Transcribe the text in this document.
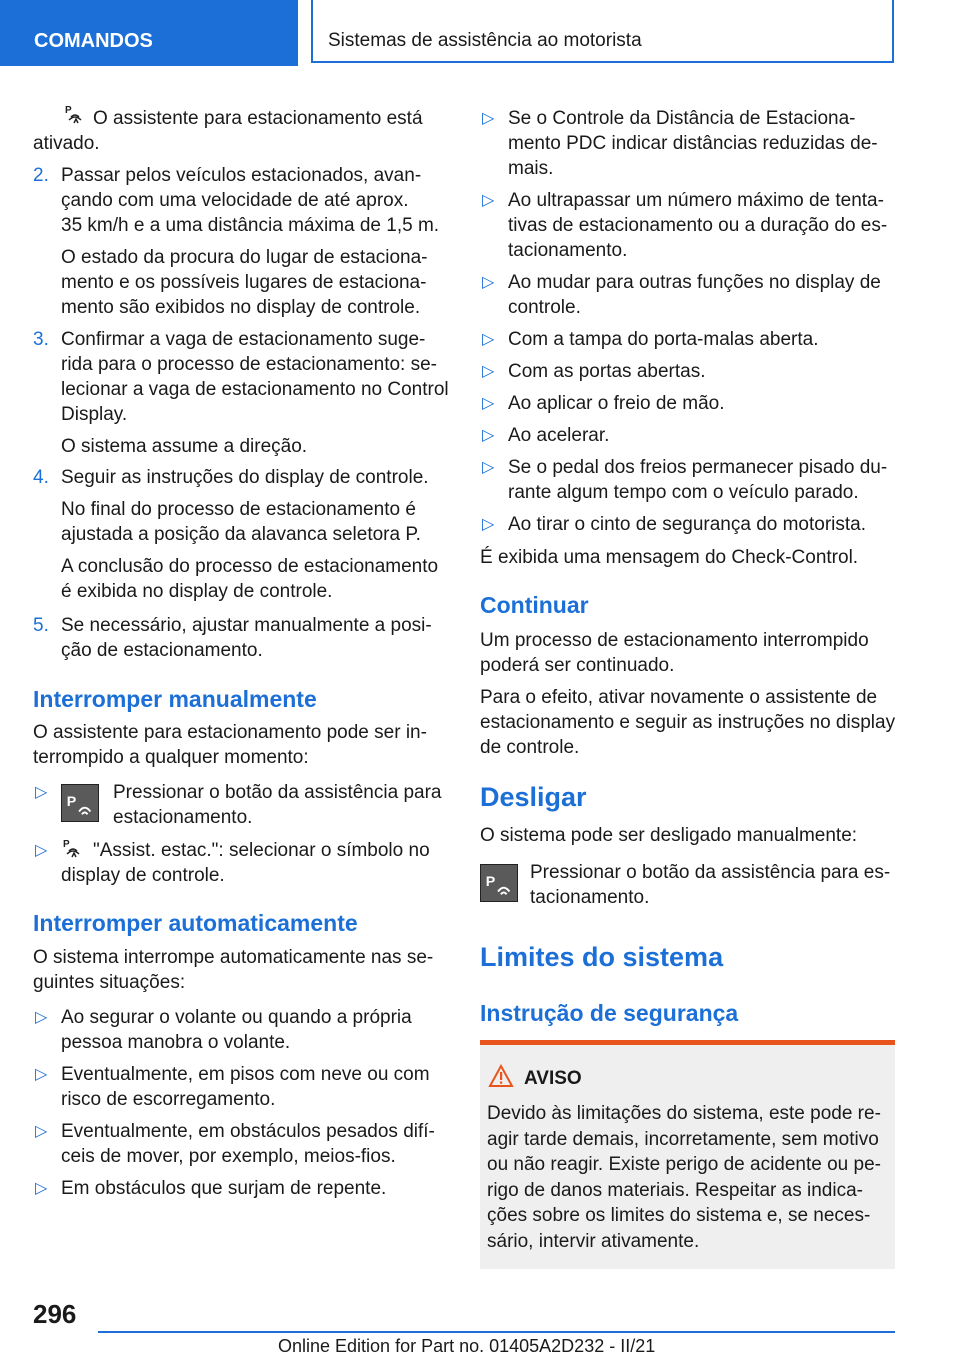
COMANDOS	Sistemas de assistência ao motorista
P	O assistente para estacionamento está ativado.
2. Passar pelos veículos estacionados, avan-
çando com uma velocidade de até aprox.
35 km/h e a uma distância máxima de 1,5 m.
O estado da procura do lugar de estaciona-
mento e os possíveis lugares de estaciona-
mento são exibidos no display de controle.
3. Confirmar a vaga de estacionamento suge-
rida para o processo de estacionamento: se-
lecionar a vaga de estacionamento no Control
Display.
O sistema assume a direção.
4. Seguir as instruções do display de controle.
No final do processo de estacionamento é
ajustada a posição da alavanca seletora P.
A conclusão do processo de estacionamento
é exibida no display de controle.
5. Se necessário, ajustar manualmente a posi-
ção de estacionamento.
Interromper manualmente
O assistente para estacionamento pode ser in-
terrompido a qualquer momento:
▷
P Pressionar o botão da assistência para
estacionamento.
▷ P	"Assist. estac.": selecionar o símbolo no
display de controle.
Interromper automaticamente
O sistema interrompe automaticamente nas se-
guintes situações:
▷ Ao segurar o volante ou quando a própria
pessoa manobra o volante.
▷ Eventualmente, em pisos com neve ou com
risco de escorregamento.
▷ Eventualmente, em obstáculos pesados difí-
ceis de mover, por exemplo, meios-fios.
▷ Em obstáculos que surjam de repente.
▷ Se o Controle da Distância de Estaciona-
mento PDC indicar distâncias reduzidas de-
mais.
▷ Ao ultrapassar um número máximo de tenta-
tivas de estacionamento ou a duração do es-
tacionamento.
▷ Ao mudar para outras funções no display de
controle.
▷ Com a tampa do porta-malas aberta.
▷ Com as portas abertas.
▷ Ao aplicar o freio de mão.
▷ Ao acelerar.
▷ Se o pedal dos freios permanecer pisado du-
rante algum tempo com o veículo parado.
▷ Ao tirar o cinto de segurança do motorista.
É exibida uma mensagem do Check-Control.
Continuar
Um processo de estacionamento interrompido
poderá ser continuado.
Para o efeito, ativar novamente o assistente de
estacionamento e seguir as instruções no display
de controle.
Desligar
O sistema pode ser desligado manualmente:
P Pressionar o botão da assistência para es-
tacionamento.
Limites do sistema
Instrução de segurança
AVISO
Devido às limitações do sistema, este pode re-
agir tarde demais, incorretamente, sem motivo
ou não reagir. Existe perigo de acidente ou pe-
rigo de danos materiais. Respeitar as indica-
ções sobre os limites do sistema e, se neces-
sário, intervir ativamente.
296
Online Edition for Part no. 01405A2D232 - II/21
